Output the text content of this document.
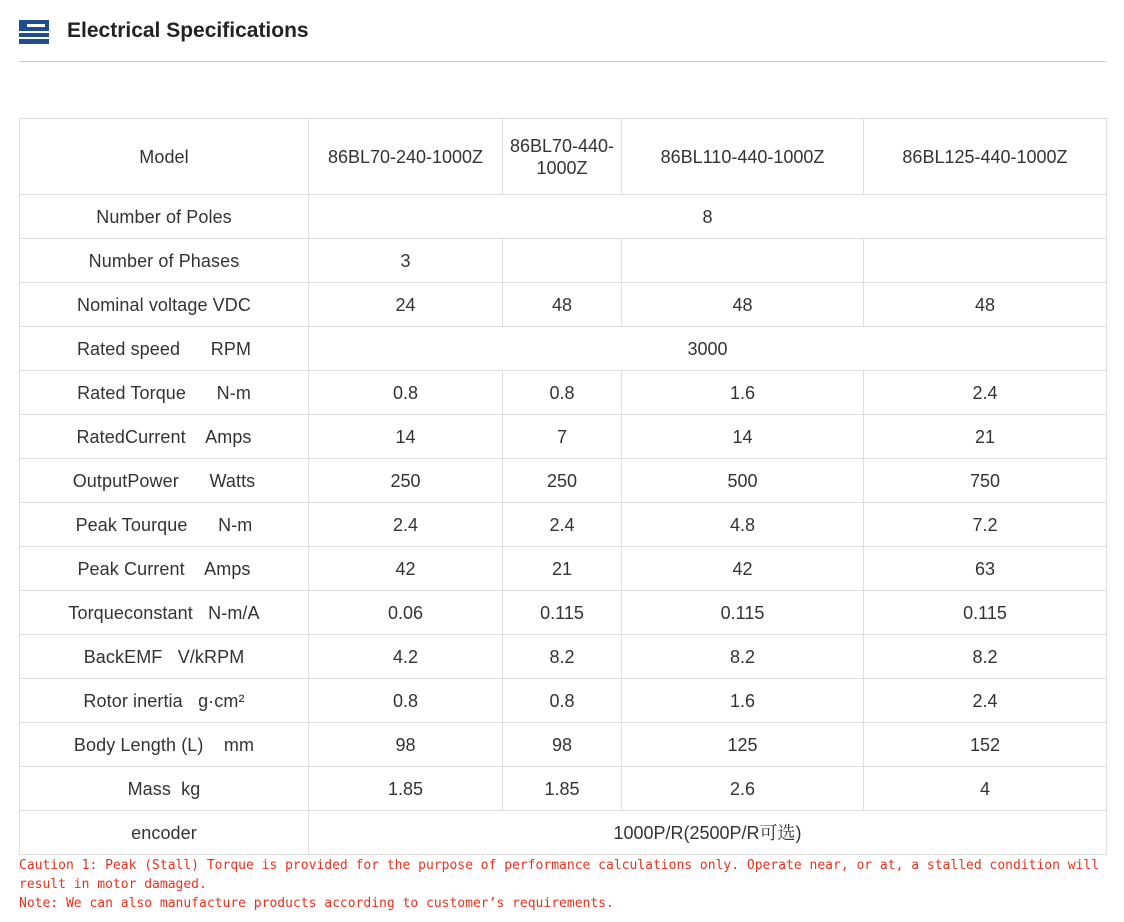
Electrical Specifications
Model	86BL70-240-1000Z	86BL70-440-1000Z	86BL110-440-1000Z	86BL125-440-1000Z
Number of Poles	8			
Number of Phases	3			
Nominal voltage VDC	24	48	48	48
Rated speed      RPM	3000			
Rated Torque      N-m	0.8	0.8	1.6	2.4
RatedCurrent    Amps	14	7	14	21
OutputPower      Watts	250	250	500	750
Peak Tourque      N-m	2.4	2.4	4.8	7.2
Peak Current    Amps	42	21	42	63
Torqueconstant   N-m/A	0.06	0.115	0.115	0.115
BackEMF   V/kRPM	4.2	8.2	8.2	8.2
Rotor inertia   g·cm²	0.8	0.8	1.6	2.4
Body Length (L)    mm	98	98	125	152
Mass  kg	1.85	1.85	2.6	4
encoder	1000P/R(2500P/R可选)			
Caution 1: Peak (Stall) Torque is provided for the purpose of performance calculations only. Operate near, or at, a stalled condition will result in motor damaged.
Note: We can also manufacture products according to customer’s requirements.
